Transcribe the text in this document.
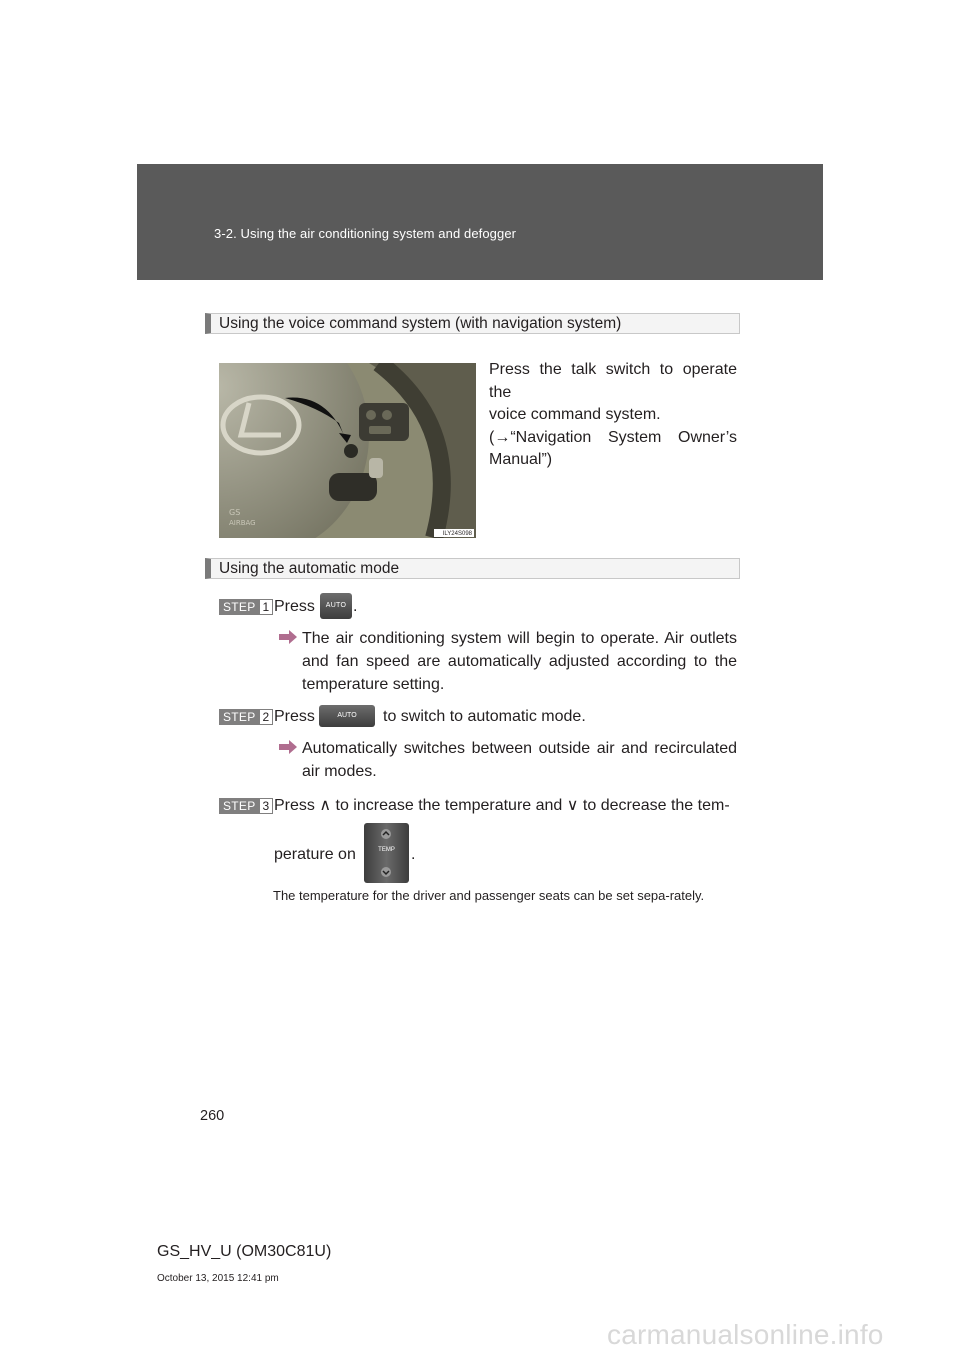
3-2. Using the air conditioning system and defogger
Using the voice command system (with navigation system)
GS
AIRBAG
ILY24S098

Press the talk switch to operate the

voice command system.

(→“Navigation System Owner’s

Manual”)

Using the automatic mode
STEP 1 Press	AUTO .
The air conditioning system will begin to operate. Air outlets and fan speed are automatically adjusted according to the temperature setting.
STEP 2 Press	AUTO	to switch to automatic mode.
Automatically switches between outside air and recirculated air modes.
STEP 3 Press ∧ to increase the temperature and ∨ to decrease the tem-
perature on	TEMP	.
The temperature for the driver and passenger seats can be set sepa-rately.
260
GS_HV_U (OM30C81U)
October 13, 2015 12:41 pm
carmanualsonline.info
